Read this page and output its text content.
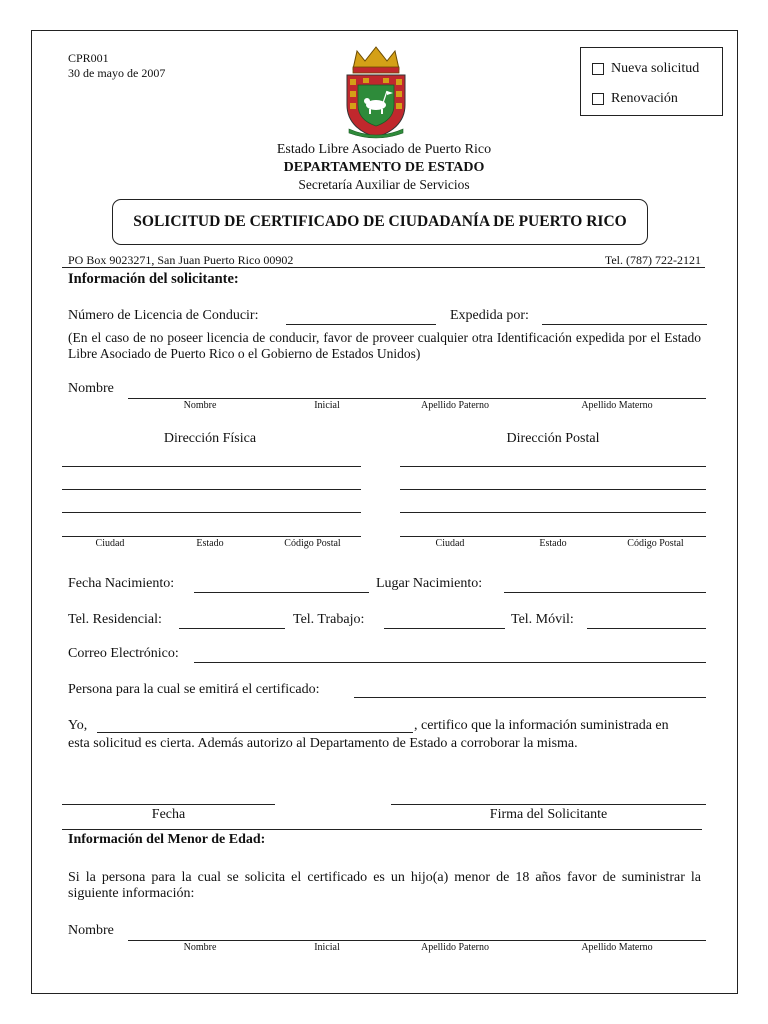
CPR001
30 de mayo de 2007	Nueva solicitud
Renovación
Estado Libre Asociado de Puerto Rico
DEPARTAMENTO DE ESTADO
Secretaría Auxiliar de Servicios
SOLICITUD DE CERTIFICADO DE CIUDADANÍA DE PUERTO RICO
PO Box 9023271, San Juan Puerto Rico 00902	Tel. (787) 722-2121
Información del solicitante:
Número de Licencia de Conducir:	Expedida por:
(En el caso de no poseer licencia de conducir, favor de proveer cualquier otra Identificación expedida por el Estado Libre Asociado de Puerto Rico o el Gobierno de Estados Unidos)
Nombre
Nombre	Inicial	Apellido Paterno	Apellido Materno
Dirección Física	Dirección Postal
Ciudad	Estado	Código Postal	Ciudad	Estado	Código Postal
Fecha Nacimiento:	Lugar Nacimiento:
Tel. Residencial:	Tel. Trabajo:	Tel. Móvil:
Correo Electrónico:
Persona para la cual se emitirá el certificado:
Yo,	, certifico que la información suministrada en
esta solicitud es cierta. Además autorizo al Departamento de Estado a corroborar la misma.
Fecha	Firma del Solicitante
Información del Menor de Edad:
Si la persona para la cual se solicita el certificado es un hijo(a) menor de 18 años favor de suministrar la siguiente información:
Nombre
Nombre	Inicial	Apellido Paterno	Apellido Materno
